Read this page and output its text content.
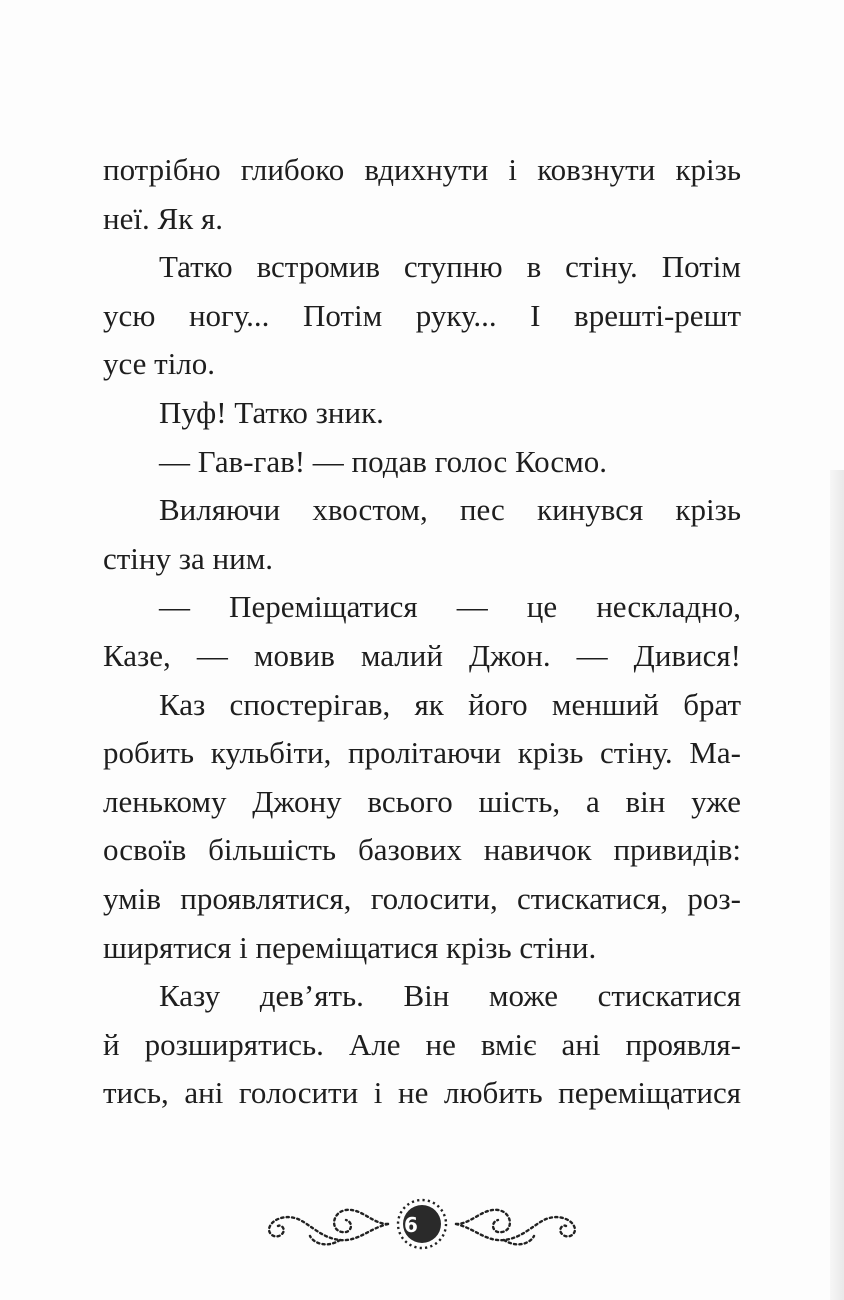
потрібно глибоко вдихнути і ковзнути крізь
неї. Як я.
Татко встромив ступню в стіну. Потім
усю ногу... Потім руку... І врешті-решт
усе тіло.
Пуф! Татко зник.
— Гав-гав! — подав голос Космо.
Виляючи хвостом, пес кинувся крізь
стіну за ним.
— Переміщатися — це нескладно,
Казе, — мовив малий Джон. — Дивися!
Каз спостерігав, як його менший брат
робить кульбіти, пролітаючи крізь стіну. Ма-
ленькому Джону всього шість, а він уже
освоїв більшість базових навичок привидів:
умів проявлятися, голосити, стискатися, роз-
ширятися і переміщатися крізь стіни.
Казу дев’ять. Він може стискатися
й розширятись. Але не вміє ані проявля-
тись, ані голосити і не любить переміщатися
6
